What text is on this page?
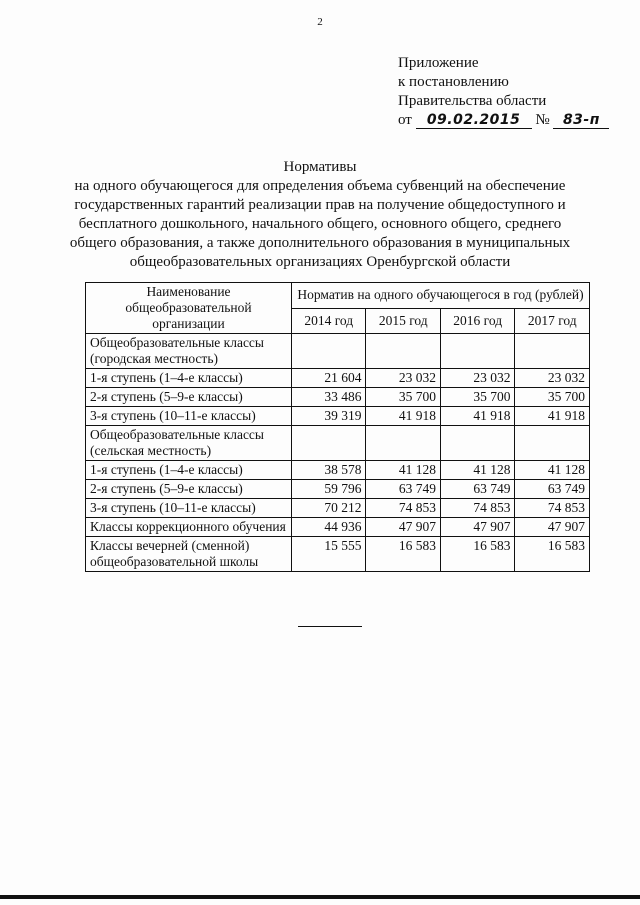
2
Приложение
к постановлению
Правительства области
от 09.02.2015 № 83-п
Нормативы
на одного обучающегося для определения объема субвенций на обеспечение государственных гарантий реализации прав на получение общедоступного и бесплатного дошкольного, начального общего, основного общего, среднего общего образования, а также дополнительного образования в муниципальных общеобразовательных организациях Оренбургской области
Наименование общеобразовательной организации	Норматив на одного обучающегося в год (рублей)			
	2014 год	2015 год	2016 год	2017 год
Общеобразовательные классы (городская местность)				
1-я ступень (1–4-е классы)	21 604	23 032	23 032	23 032
2-я ступень (5–9-е классы)	33 486	35 700	35 700	35 700
3-я ступень (10–11-е классы)	39 319	41 918	41 918	41 918
Общеобразовательные классы (сельская местность)				
1-я ступень (1–4-е классы)	38 578	41 128	41 128	41 128
2-я ступень (5–9-е классы)	59 796	63 749	63 749	63 749
3-я ступень (10–11-е классы)	70 212	74 853	74 853	74 853
Классы коррекционного обучения	44 936	47 907	47 907	47 907
Классы вечерней (сменной) общеобразовательной школы	15 555	16 583	16 583	16 583
